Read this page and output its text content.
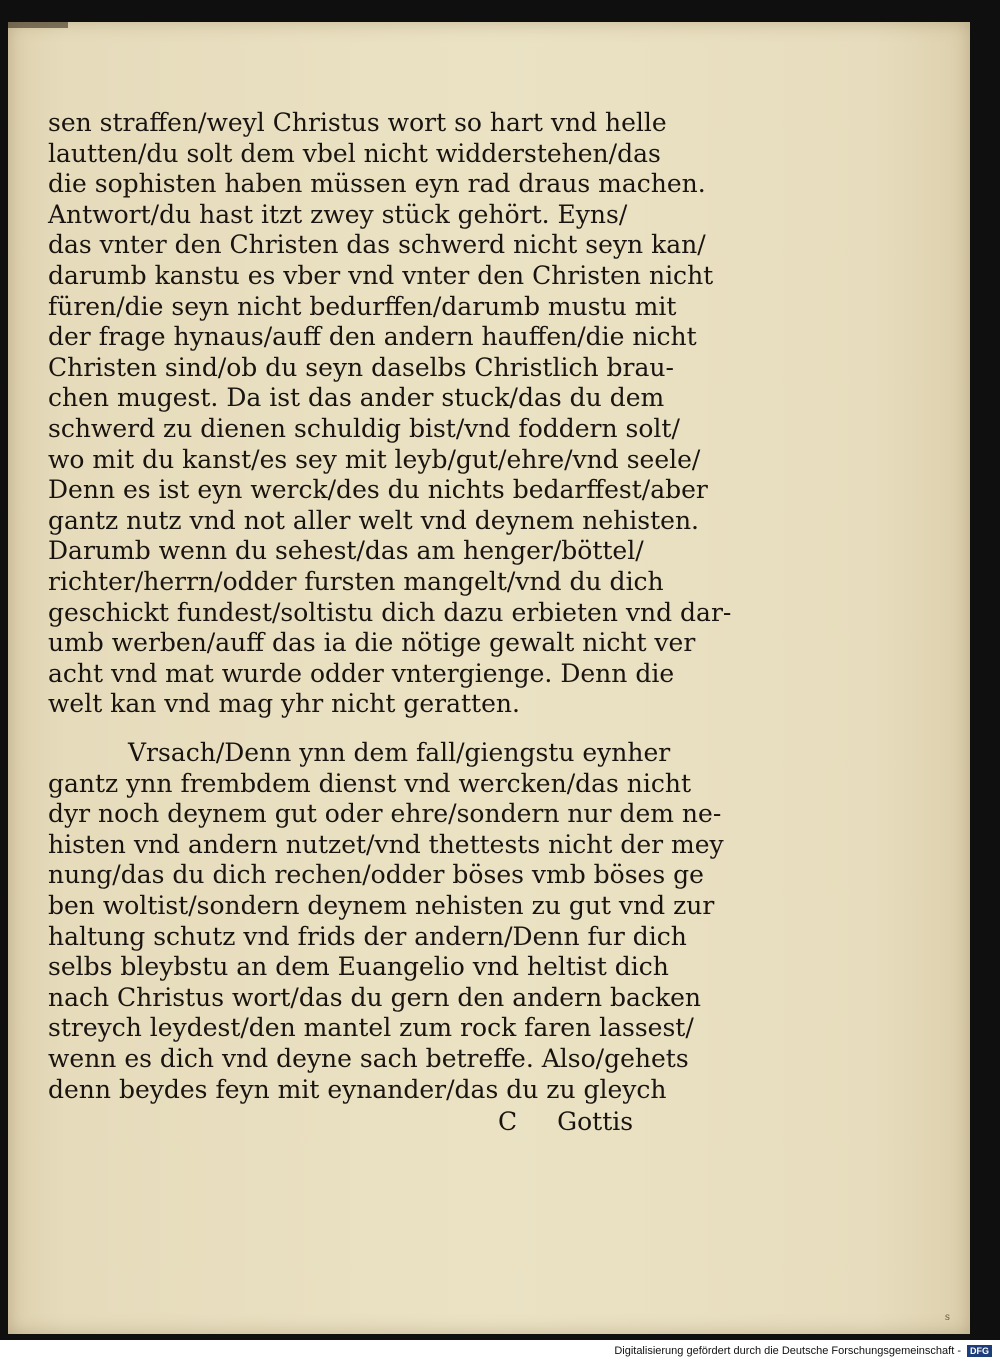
sen straffen/weyl Christus wort so hart vnd helle
lautten/du solt dem vbel nicht widderstehen/das
die sophisten haben müssen eyn rad draus machen.
Antwort/du hast itzt zwey stück gehört. Eyns/
das vnter den Christen das schwerd nicht seyn kan/
darumb kanstu es vber vnd vnter den Christen nicht
füren/die seyn nicht bedurffen/darumb mustu mit
der frage hynaus/auff den andern hauffen/die nicht
Christen sind/ob du seyn daselbs Christlich brau-
chen mugest. Da ist das ander stuck/das du dem
schwerd zu dienen schuldig bist/vnd foddern solt/
wo mit du kanst/es sey mit leyb/gut/ehre/vnd seele/
Denn es ist eyn werck/des du nichts bedarffest/aber
gantz nutz vnd not aller welt vnd deynem nehisten.
Darumb wenn du sehest/das am henger/böttel/
richter/herrn/odder fursten mangelt/vnd du dich
geschickt fundest/soltistu dich dazu erbieten vnd dar-
umb werben/auff das ia die nötige gewalt nicht ver
acht vnd mat wurde odder vntergienge. Denn die
welt kan vnd mag yhr nicht geratten.
Vrsach/Denn ynn dem fall/giengstu eynher
gantz ynn frembdem dienst vnd wercken/das nicht
dyr noch deynem gut oder ehre/sondern nur dem ne-
histen vnd andern nutzet/vnd thettests nicht der mey
nung/das du dich rechen/odder böses vmb böses ge
ben woltist/sondern deynem nehisten zu gut vnd zur
haltung schutz vnd frids der andern/Denn fur dich
selbs bleybstu an dem Euangelio vnd heltist dich
nach Christus wort/das du gern den andern backen
streych leydest/den mantel zum rock faren lassest/
wenn es dich vnd deyne sach betreffe. Also/gehets
denn beydes feyn mit eynander/das du zu gleych
C Gottis
s
Digitalisierung gefördert durch die Deutsche Forschungsgemeinschaft -	DFG
